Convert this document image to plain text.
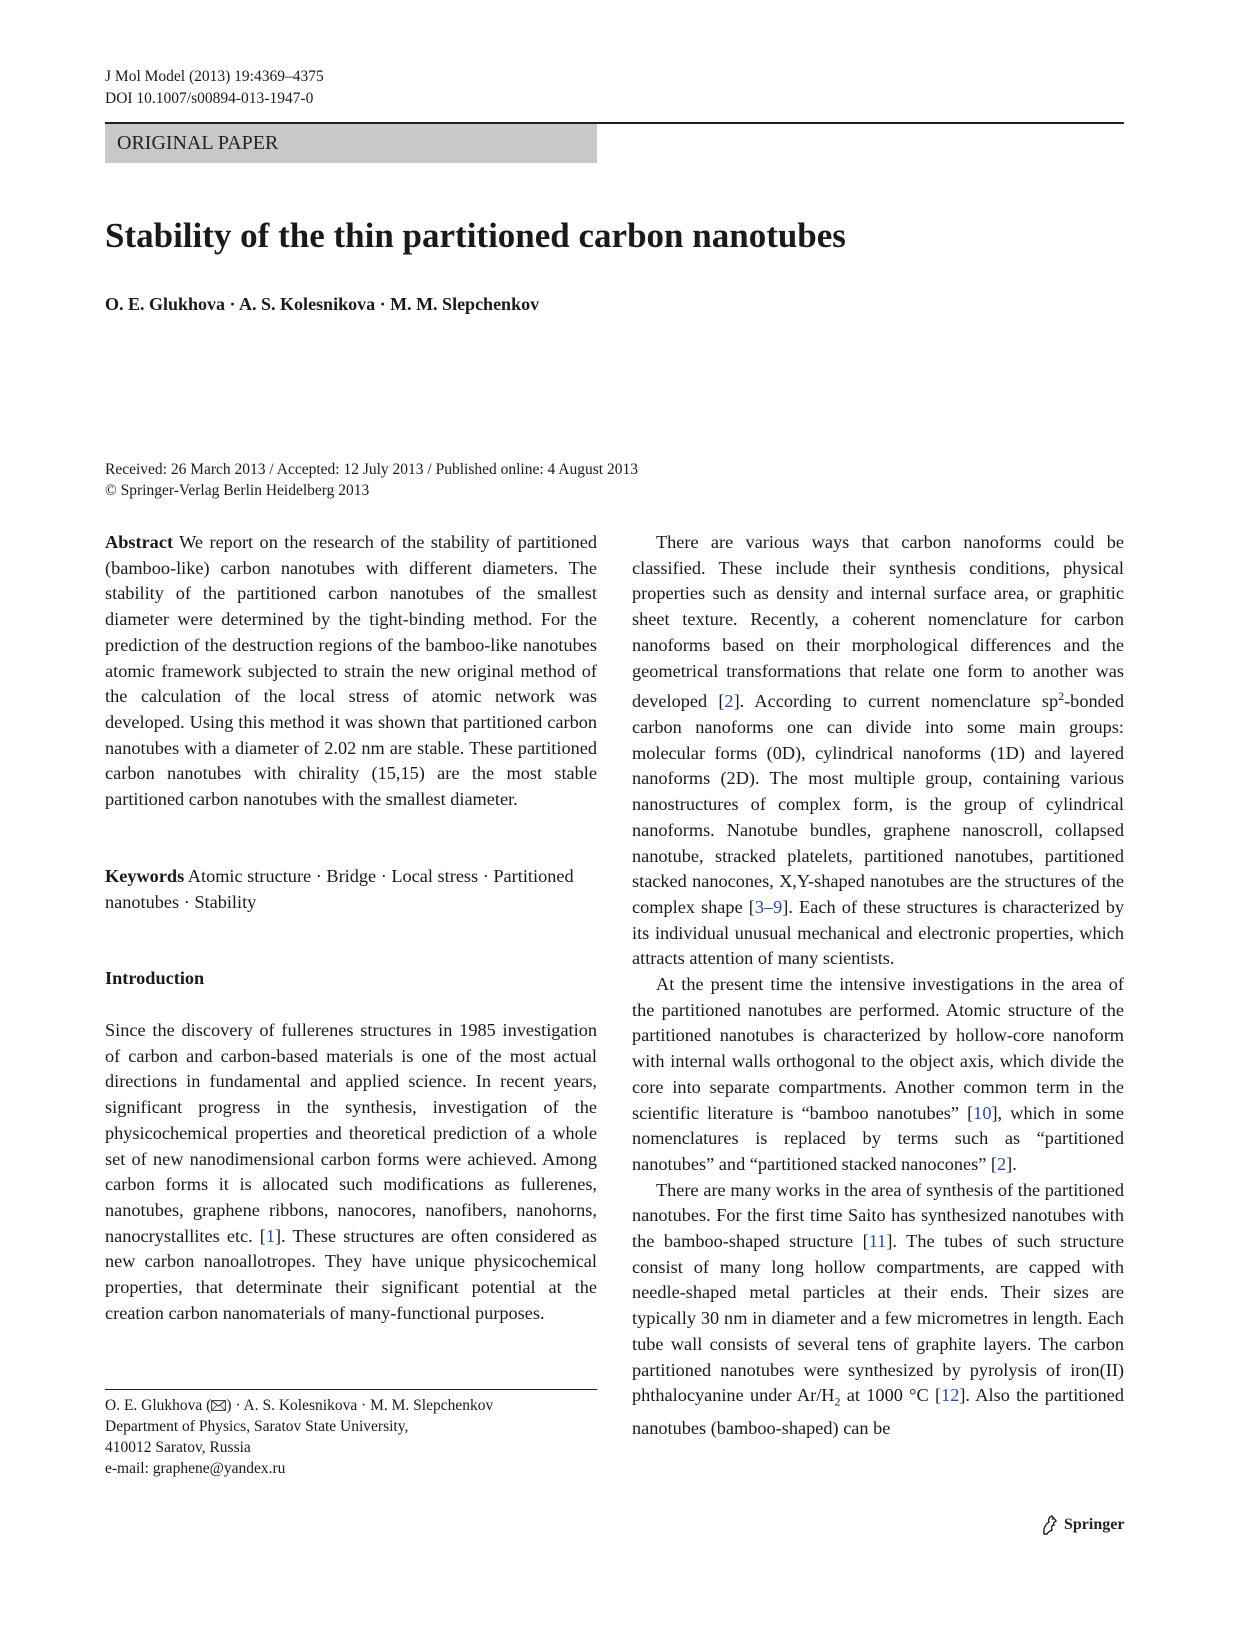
J Mol Model (2013) 19:4369–4375
DOI 10.1007/s00894-013-1947-0
ORIGINAL PAPER
Stability of the thin partitioned carbon nanotubes
O. E. Glukhova · A. S. Kolesnikova · M. M. Slepchenkov
Received: 26 March 2013 / Accepted: 12 July 2013 / Published online: 4 August 2013
© Springer-Verlag Berlin Heidelberg 2013

Abstract We report on the research of the stability of partitioned (bamboo-like) carbon nanotubes with different diameters. The stability of the partitioned carbon nanotubes of the smallest diameter were determined by the tight-binding method. For the prediction of the destruction regions of the bamboo-like nanotubes atomic framework subjected to strain the new original method of the calculation of the local stress of atomic network was developed. Using this method it was shown that partitioned carbon nanotubes with a diameter of 2.02 nm are stable. These partitioned carbon nanotubes with chirality (15,15) are the most stable partitioned carbon nanotubes with the smallest diameter.

Keywords Atomic structure · Bridge · Local stress · Partitioned nanotubes · Stability

Introduction

Since the discovery of fullerenes structures in 1985 investigation of carbon and carbon-based materials is one of the most actual directions in fundamental and applied science. In recent years, significant progress in the synthesis, investigation of the physicochemical properties and theoretical prediction of a whole set of new nanodimensional carbon forms were achieved. Among carbon forms it is allocated such modifications as fullerenes, nanotubes, graphene ribbons, nanocores, nanofibers, nanohorns, nanocrystallites etc. [1]. These structures are often considered as new carbon nanoallotropes. They have unique physicochemical properties, that determinate their significant potential at the creation carbon nanomaterials of many-functional purposes.

O. E. Glukhova ( ) · A. S. Kolesnikova · M. M. Slepchenkov
Department of Physics, Saratov State University,
410012 Saratov, Russia
e-mail: graphene@yandex.ru

There are various ways that carbon nanoforms could be classified. These include their synthesis conditions, physical properties such as density and internal surface area, or graphitic sheet texture. Recently, a coherent nomenclature for carbon nanoforms based on their morphological differences and the geometrical transformations that relate one form to another was developed [2]. According to current nomenclature $sp^2$-bonded carbon nanoforms one can divide into some main groups: molecular forms (0D), cylindrical nanoforms (1D) and layered nanoforms (2D). The most multiple group, containing various nanostructures of complex form, is the group of cylindrical nanoforms. Nanotube bundles, graphene nanoscroll, collapsed nanotube, stracked platelets, partitioned nanotubes, partitioned stacked nanocones, X,Y-shaped nanotubes are the structures of the complex shape [3–9]. Each of these structures is characterized by its individual unusual mechanical and electronic properties, which attracts attention of many scientists.

At the present time the intensive investigations in the area of the partitioned nanotubes are performed. Atomic structure of the partitioned nanotubes is characterized by hollow-core nanoform with internal walls orthogonal to the object axis, which divide the core into separate compartments. Another common term in the scientific literature is “bamboo nanotubes” [10], which in some nomenclatures is replaced by terms such as “partitioned nanotubes” and “partitioned stacked nanocones” [2].

There are many works in the area of synthesis of the partitioned nanotubes. For the first time Saito has synthesized nanotubes with the bamboo-shaped structure [11]. The tubes of such structure consist of many long hollow compartments, are capped with needle-shaped metal particles at their ends. Their sizes are typically 30 nm in diameter and a few micrometres in length. Each tube wall consists of several tens of graphite layers. The carbon partitioned nanotubes were synthesized by pyrolysis of iron(II) phthalocyanine under $Ar/H_2$ at 1000 °C [12]. Also the partitioned nanotubes (bamboo-shaped) can be

Springer
